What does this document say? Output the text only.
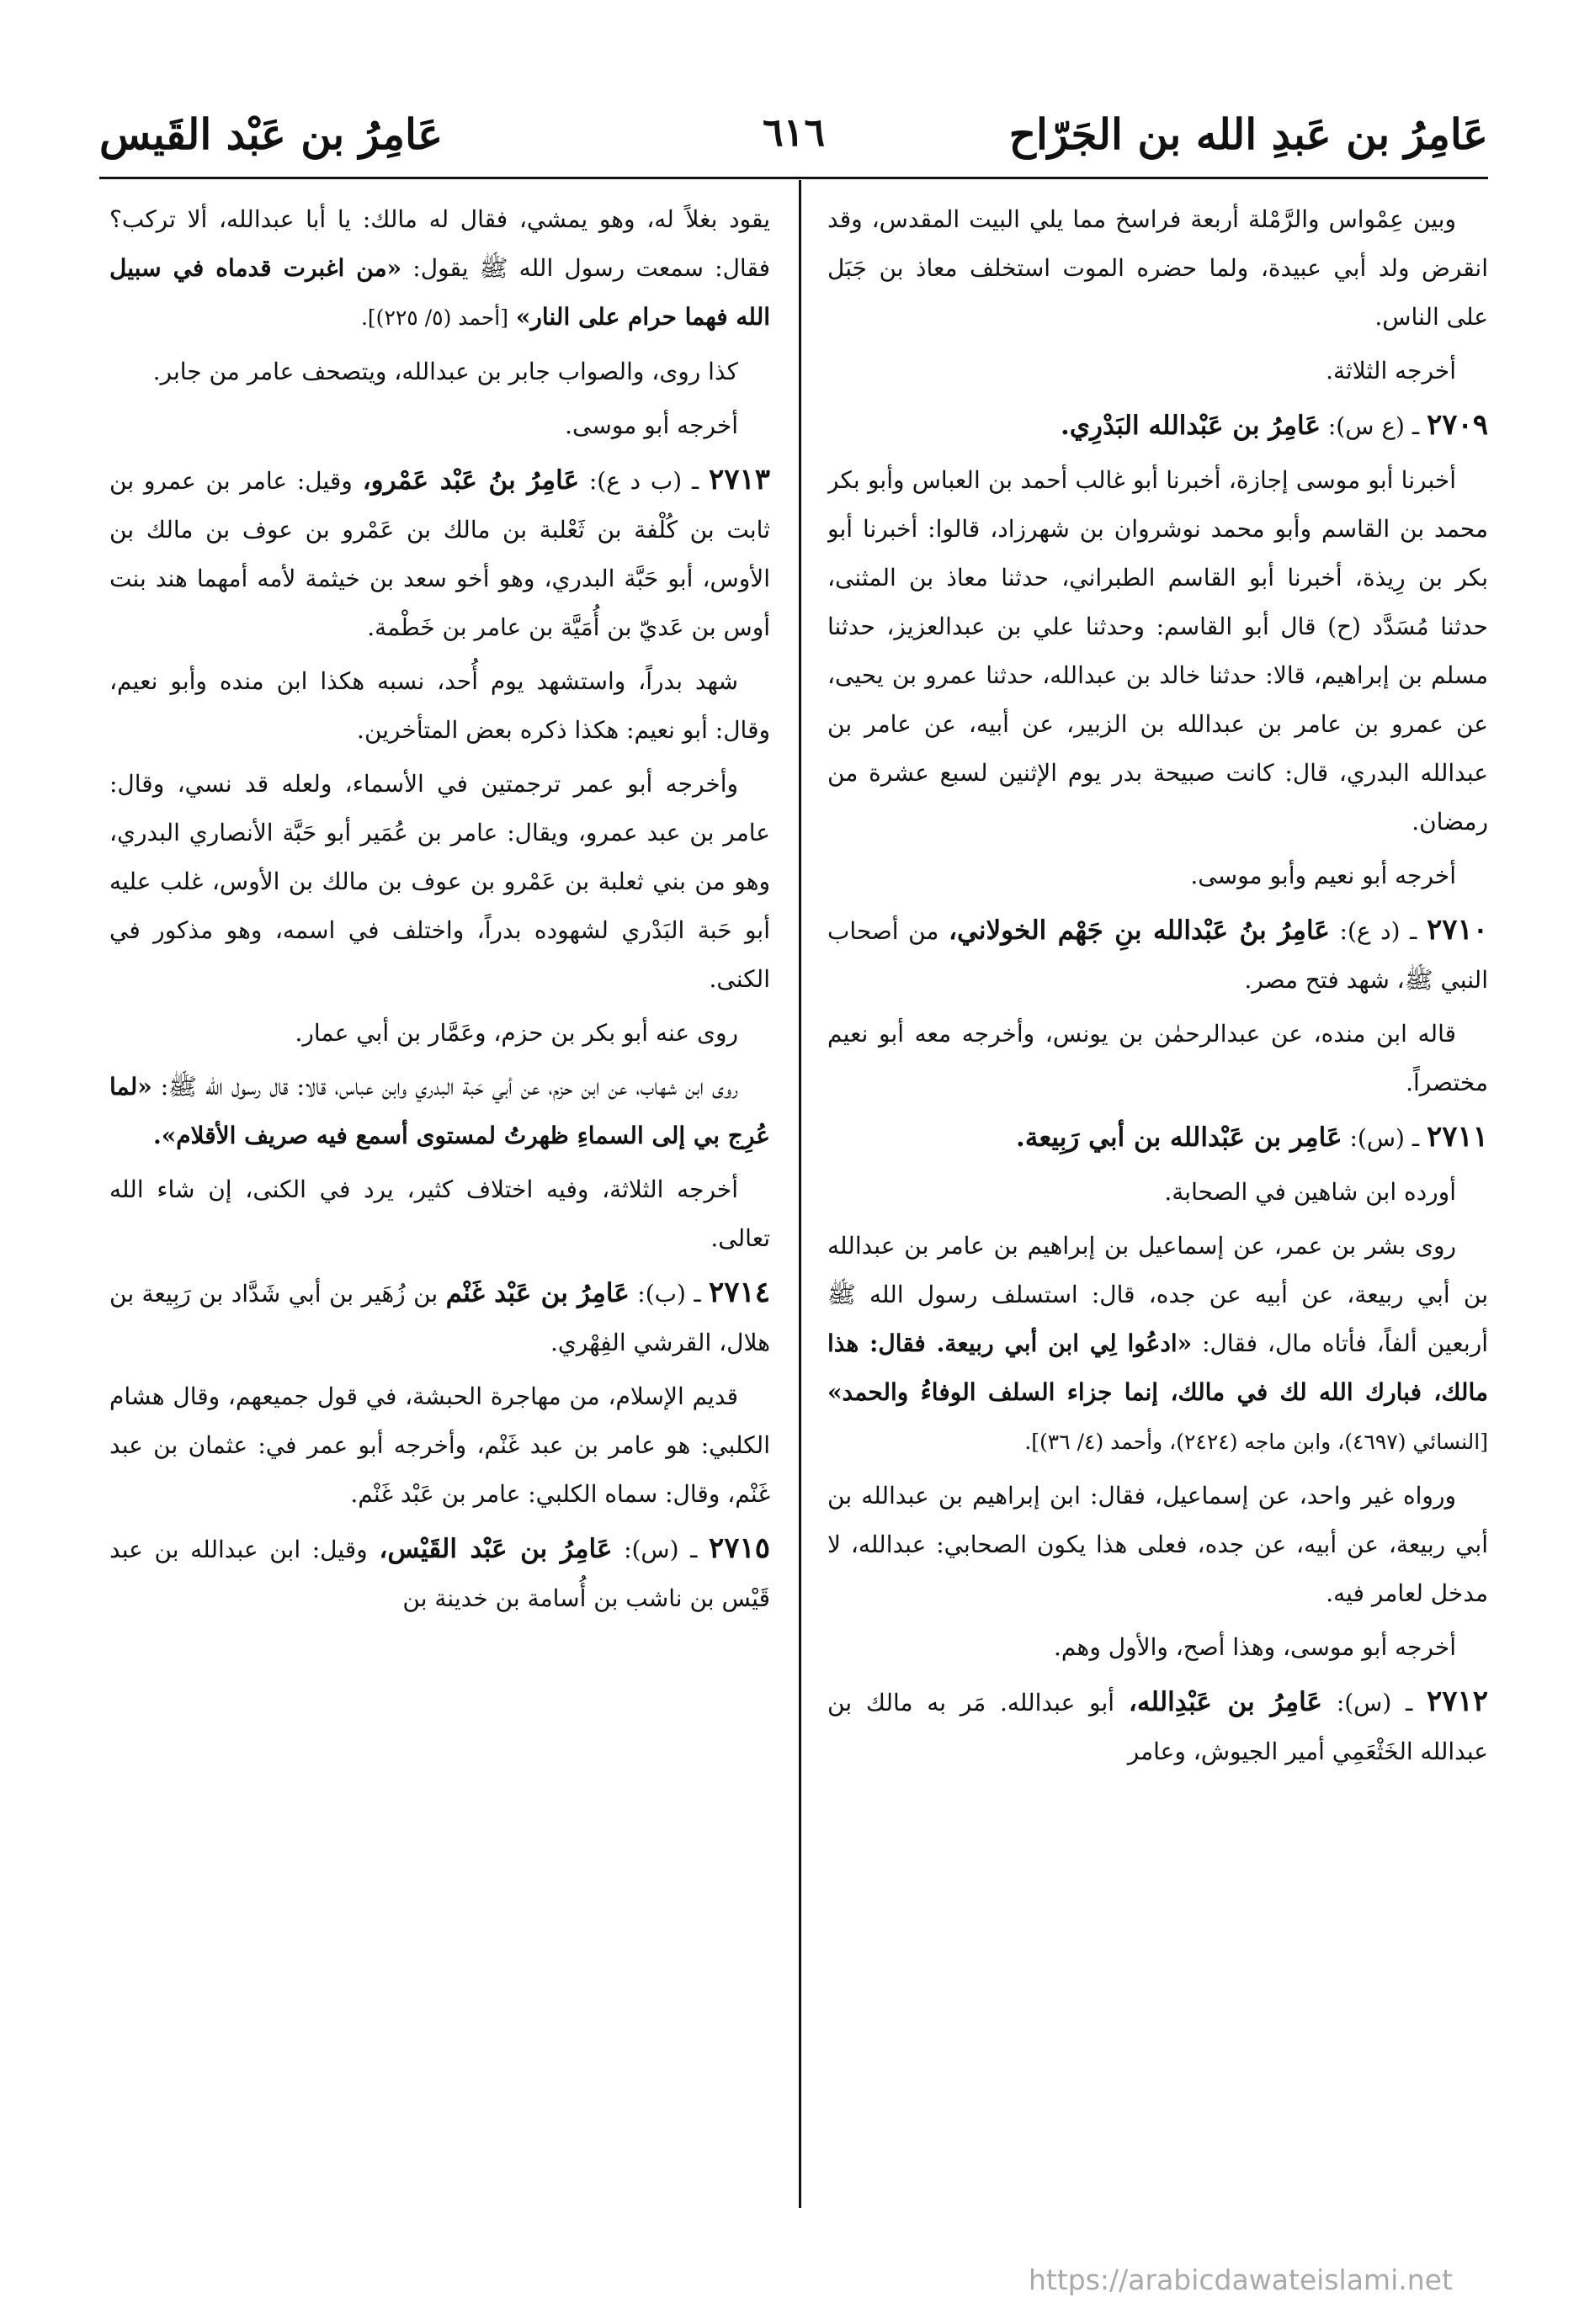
عَامِرُ بن عَبدِ الله بن الجَرّاح
٦١٦
عَامِرُ بن عَبْد القَيس

وبين عِمْواس والرَّمْلة أربعة فراسخ مما يلي البيت المقدس، وقد انقرض ولد أبي عبيدة، ولما حضره الموت استخلف معاذ بن جَبَل على الناس.

أخرجه الثلاثة.

٢٧٠٩ ـ (ع س): عَامِرُ بن عَبْدالله البَدْرِي.

أخبرنا أبو موسى إجازة، أخبرنا أبو غالب أحمد بن العباس وأبو بكر محمد بن القاسم وأبو محمد نوشروان بن شهرزاد، قالوا: أخبرنا أبو بكر بن رِيذة، أخبرنا أبو القاسم الطبراني، حدثنا معاذ بن المثنى، حدثنا مُسَدَّد (ح) قال أبو القاسم: وحدثنا علي بن عبدالعزيز، حدثنا مسلم بن إبراهيم، قالا: حدثنا خالد بن عبدالله، حدثنا عمرو بن يحيى، عن عمرو بن عامر بن عبدالله بن الزبير، عن أبيه، عن عامر بن عبدالله البدري، قال: كانت صبيحة بدر يوم الإثنين لسبع عشرة من رمضان.

أخرجه أبو نعيم وأبو موسى.

٢٧١٠ ـ (د ع): عَامِرُ بنُ عَبْدالله بنِ جَهْم الخولاني، من أصحاب النبي ﷺ، شهد فتح مصر.

قاله ابن منده، عن عبدالرحمٰن بن يونس، وأخرجه معه أبو نعيم مختصراً.

٢٧١١ ـ (س): عَامِر بن عَبْدالله بن أبي رَبِيعة.

أورده ابن شاهين في الصحابة.

روى بشر بن عمر، عن إسماعيل بن إبراهيم بن عامر بن عبدالله بن أبي ربيعة، عن أبيه عن جده، قال: استسلف رسول الله ﷺ أربعين ألفاً، فأتاه مال، فقال: «ادعُوا لِي ابن أبي ربيعة. فقال: هذا مالك، فبارك الله لك في مالك، إنما جزاء السلف الوفاءُ والحمد» [النسائي (٤٦٩٧)، وابن ماجه (٢٤٢٤)، وأحمد (٤/ ٣٦)].

ورواه غير واحد، عن إسماعيل، فقال: ابن إبراهيم بن عبدالله بن أبي ربيعة، عن أبيه، عن جده، فعلى هذا يكون الصحابي: عبدالله، لا مدخل لعامر فيه.

أخرجه أبو موسى، وهذا أصح، والأول وهم.

٢٧١٢ ـ (س): عَامِرُ بن عَبْدِالله، أبو عبدالله. مَر به مالك بن عبدالله الخَثْعَمِي أمير الجيوش، وعامر

يقود بغلاً له، وهو يمشي، فقال له مالك: يا أبا عبدالله، ألا تركب؟ فقال: سمعت رسول الله ﷺ يقول: «من اغبرت قدماه في سبيل الله فهما حرام على النار» [أحمد (٥/ ٢٢٥)].

كذا روى، والصواب جابر بن عبدالله، ويتصحف عامر من جابر.

أخرجه أبو موسى.

٢٧١٣ ـ (ب د ع): عَامِرُ بنُ عَبْد عَمْرو، وقيل: عامر بن عمرو بن ثابت بن كُلْفة بن ثَعْلبة بن مالك بن عَمْرو بن عوف بن مالك بن الأوس، أبو حَبَّة البدري، وهو أخو سعد بن خيثمة لأمه أمهما هند بنت أوس بن عَديّ بن أُمَيَّة بن عامر بن خَطْمة.

شهد بدراً، واستشهد يوم أُحد، نسبه هكذا ابن منده وأبو نعيم، وقال: أبو نعيم: هكذا ذكره بعض المتأخرين.

وأخرجه أبو عمر ترجمتين في الأسماء، ولعله قد نسي، وقال: عامر بن عبد عمرو، ويقال: عامر بن عُمَير أبو حَبَّة الأنصاري البدري، وهو من بني ثعلبة بن عَمْرو بن عوف بن مالك بن الأوس، غلب عليه أبو حَبة البَدْري لشهوده بدراً، واختلف في اسمه، وهو مذكور في الكنى.

روى عنه أبو بكر بن حزم، وعَمَّار بن أبي عمار.

روى ابن شهاب، عن ابن حزم، عن أبي حَبة البدري وابن عباس، قالا: قال رسول الله ﷺ: «لما عُرِج بي إلى السماءِ ظهرتُ لمستوى أسمع فيه صريف الأقلام».

أخرجه الثلاثة، وفيه اختلاف كثير، يرد في الكنى، إن شاء الله تعالى.

٢٧١٤ ـ (ب): عَامِرُ بن عَبْد غَنْم بن زُهَير بن أبي شَدَّاد بن رَبِيعة بن هلال، القرشي الفِهْري.

قديم الإسلام، من مهاجرة الحبشة، في قول جميعهم، وقال هشام الكلبي: هو عامر بن عبد غَنْم، وأخرجه أبو عمر في: عثمان بن عبد غَنْم، وقال: سماه الكلبي: عامر بن عَبْد غَنْم.

٢٧١٥ ـ (س): عَامِرُ بن عَبْد القَيْس، وقيل: ابن عبدالله بن عبد قَيْس بن ناشب بن أُسامة بن خدينة بن
https://arabicdawateislami.net
